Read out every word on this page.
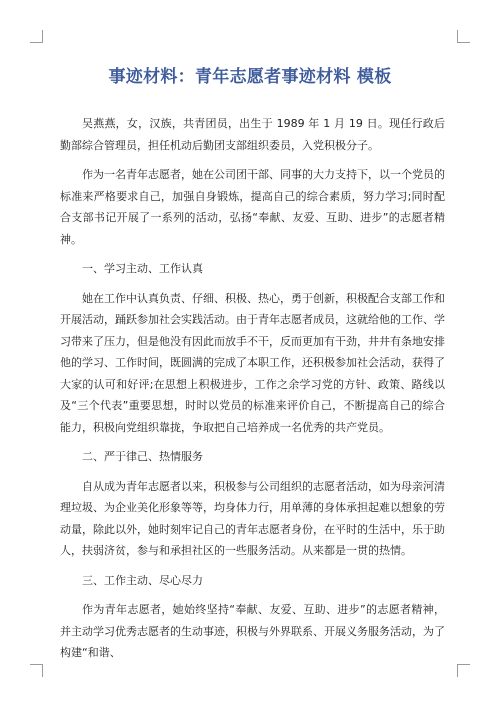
事迹材料：青年志愿者事迹材料 模板

吴燕燕，女，汉族，共青团员，出生于 1989 年 1 月 19 日。现任行政后勤部综合管理员，担任机动后勤团支部组织委员，入党积极分子。

作为一名青年志愿者，她在公司团干部、同事的大力支持下，以一个党员的标准来严格要求自己，加强自身锻炼，提高自己的综合素质，努力学习;同时配合支部书记开展了一系列的活动，弘扬“奉献、友爱、互助、进步”的志愿者精神。

一、学习主动、工作认真

她在工作中认真负责、仔细、积极、热心，勇于创新，积极配合支部工作和开展活动，踊跃参加社会实践活动。由于青年志愿者成员，这就给他的工作、学习带来了压力，但是他没有因此而放手不干，反而更加有干劲，井井有条地安排他的学习、工作时间，既圆满的完成了本职工作，还积极参加社会活动，获得了大家的认可和好评;在思想上积极进步，工作之余学习党的方针、政策、路线以及“三个代表”重要思想，时时以党员的标准来评价自己，不断提高自己的综合能力，积极向党组织靠拢，争取把自己培养成一名优秀的共产党员。

二、严于律己、热情服务

自从成为青年志愿者以来，积极参与公司组织的志愿者活动，如为母亲河清理垃圾、为企业美化形象等等，均身体力行，用单薄的身体承担起难以想象的劳动量，除此以外，她时刻牢记自己的青年志愿者身份，在平时的生活中，乐于助人，扶弱济贫，参与和承担社区的一些服务活动。从来都是一贯的热情。

三、工作主动、尽心尽力

作为青年志愿者，她始终坚持“奉献、友爱、互助、进步”的志愿者精神，并主动学习优秀志愿者的生动事迹，积极与外界联系、开展义务服务活动，为了构建“和谐、
